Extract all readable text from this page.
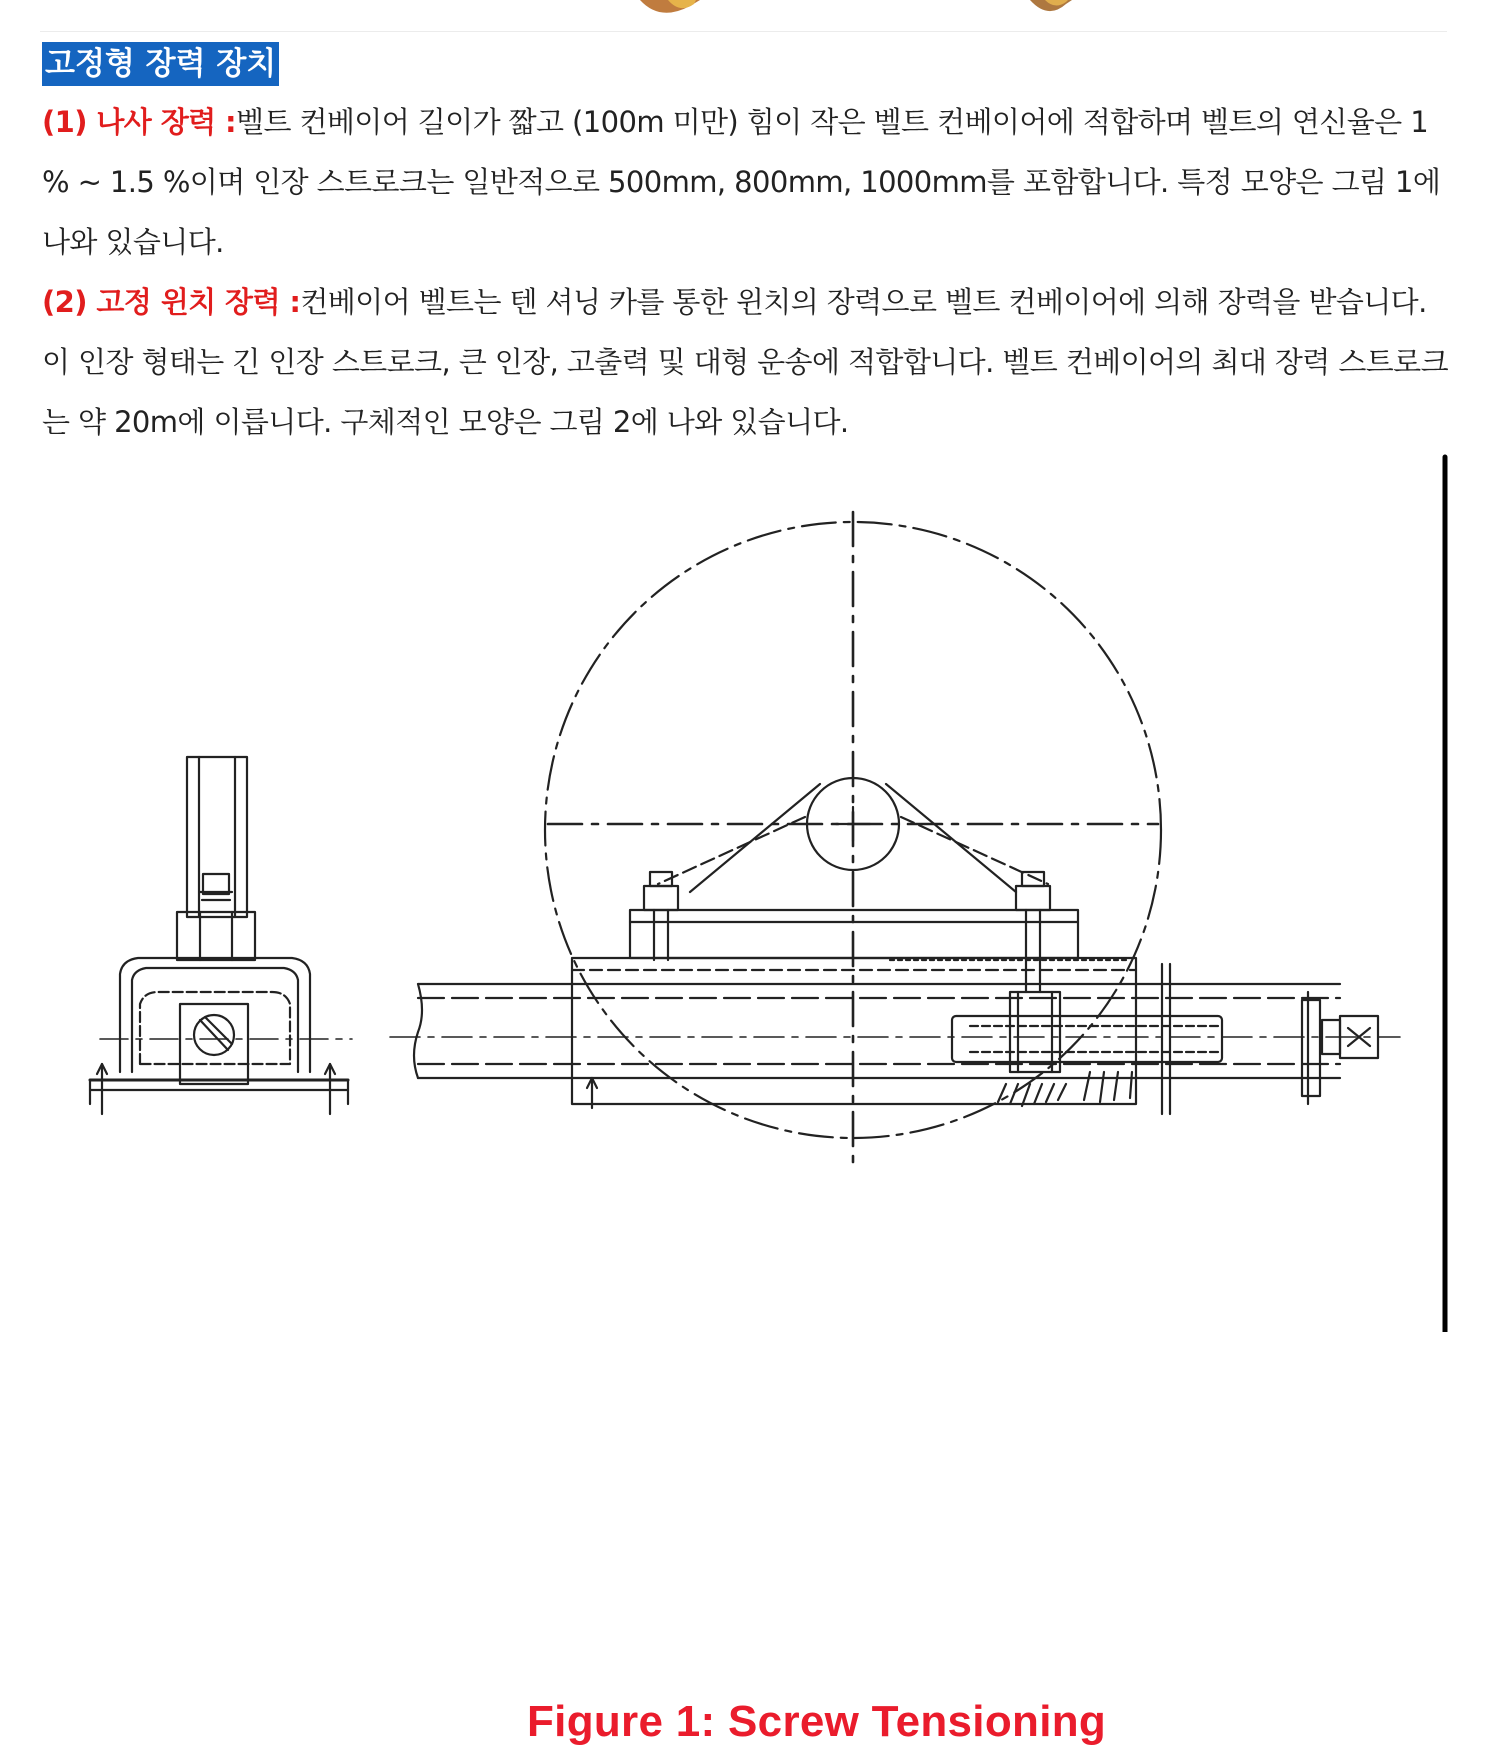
고정형 장력 장치

(1) 나사 장력 :벨트 컨베이어 길이가 짧고 (100m 미만) 힘이 작은 벨트 컨베이어에 적합하며 벨트의 연신율은 1 % ~ 1.5 %이며 인장 스트로크는 일반적으로 500mm, 800mm, 1000mm를 포함합니다. 특정 모양은 그림 1에 나와 있습니다.

(2) 고정 윈치 장력 :컨베이어 벨트는 텐 셔닝 카를 통한 윈치의 장력으로 벨트 컨베이어에 의해 장력을 받습니다. 이 인장 형태는 긴 인장 스트로크, 큰 인장, 고출력 및 대형 운송에 적합합니다. 벨트 컨베이어의 최대 장력 스트로크는 약 20m에 이릅니다. 구체적인 모양은 그림 2에 나와 있습니다.

Figure 1: Screw Tensioning
